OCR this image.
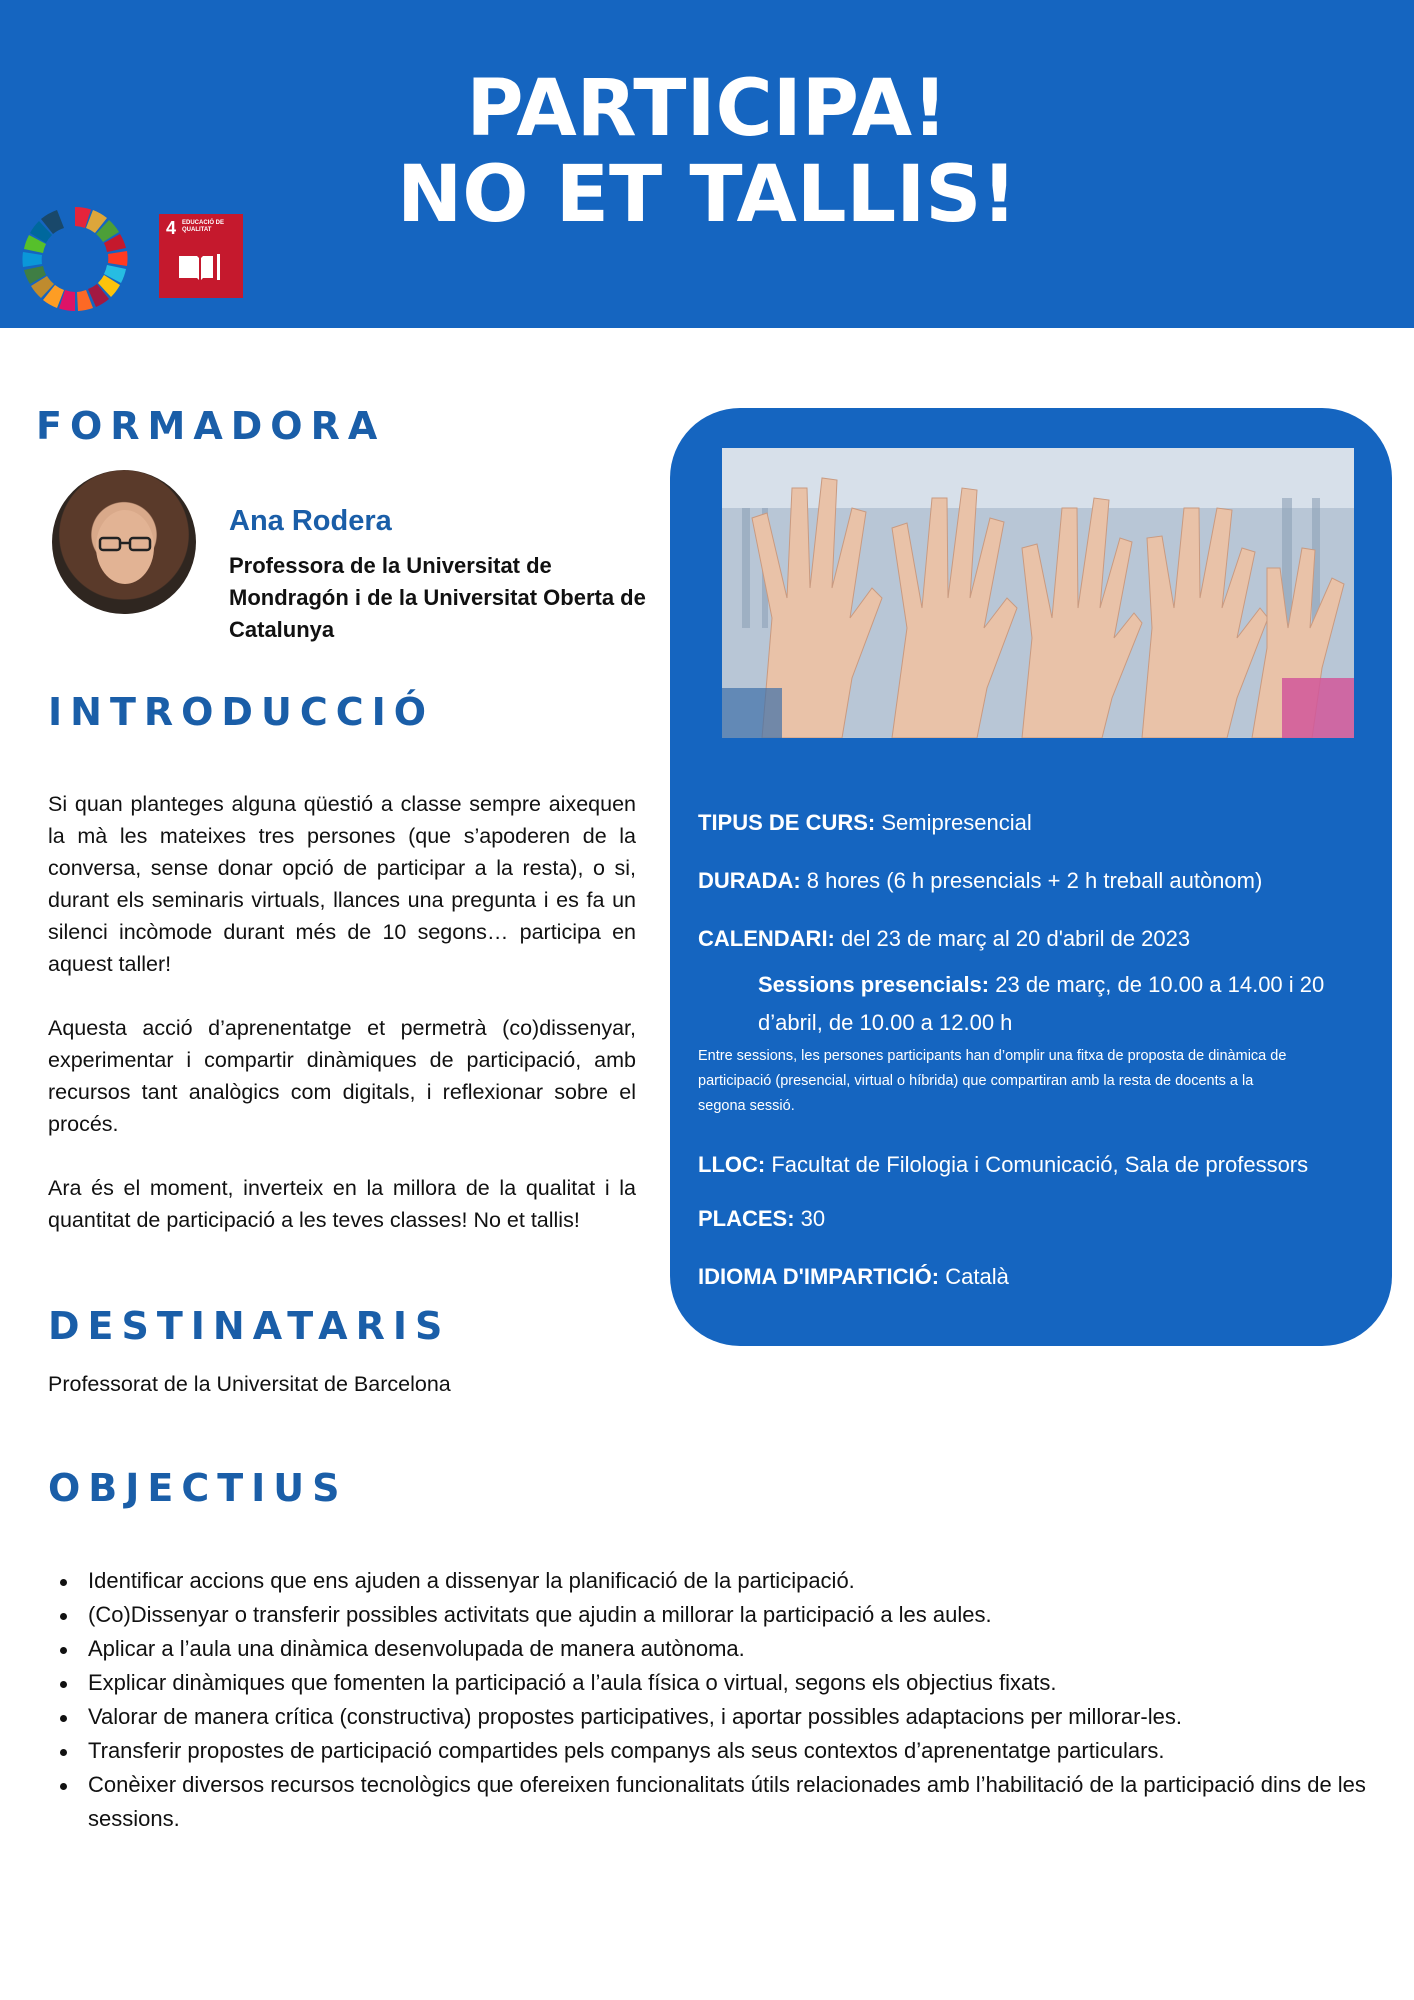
PARTICIPA!
NO ET TALLIS!
4 EDUCACIÓ DE QUALITAT
FORMADORA
Ana Rodera
Professora de la Universitat de Mondragón i de la Universitat Oberta de Catalunya
INTRODUCCIÓ
Si quan planteges alguna qüestió a classe sempre aixequen la mà les mateixes tres persones (que s’apoderen de la conversa, sense donar opció de participar a la resta), o si, durant els seminaris virtuals, llances una pregunta i es fa un silenci incòmode durant més de 10 segons… participa en aquest taller!
Aquesta acció d’aprenentatge et permetrà (co)dissenyar, experimentar i compartir dinàmiques de participació, amb recursos tant analògics com digitals, i reflexionar sobre el procés.
Ara és el moment, inverteix en la millora de la qualitat i la quantitat de participació a les teves classes! No et tallis!
DESTINATARIS
Professorat de la Universitat de Barcelona
TIPUS DE CURS: Semipresencial
DURADA: 8 hores (6 h presencials + 2 h treball autònom)
CALENDARI: del 23 de març al 20 d'abril de 2023
Sessions presencials: 23 de març, de 10.00 a 14.00 i 20
d’abril, de 10.00 a 12.00 h
Entre sessions, les persones participants han d’omplir una fitxa de proposta de dinàmica de
participació (presencial, virtual o híbrida) que compartiran amb la resta de docents a la
segona sessió.
LLOC: Facultat de Filologia i Comunicació, Sala de professors
PLACES: 30
IDIOMA D'IMPARTICIÓ: Català
OBJECTIUS
Identificar accions que ens ajuden a dissenyar la planificació de la participació.
(Co)Dissenyar o transferir possibles activitats que ajudin a millorar la participació a les aules.
Aplicar a l’aula una dinàmica desenvolupada de manera autònoma.
Explicar dinàmiques que fomenten la participació a l’aula física o virtual, segons els objectius fixats.
Valorar de manera crítica (constructiva) propostes participatives, i aportar possibles adaptacions per millorar-les.
Transferir propostes de participació compartides pels companys als seus contextos d’aprenentatge particulars.
Conèixer diversos recursos tecnològics que ofereixen funcionalitats útils relacionades amb l’habilitació de la participació dins de les sessions.
